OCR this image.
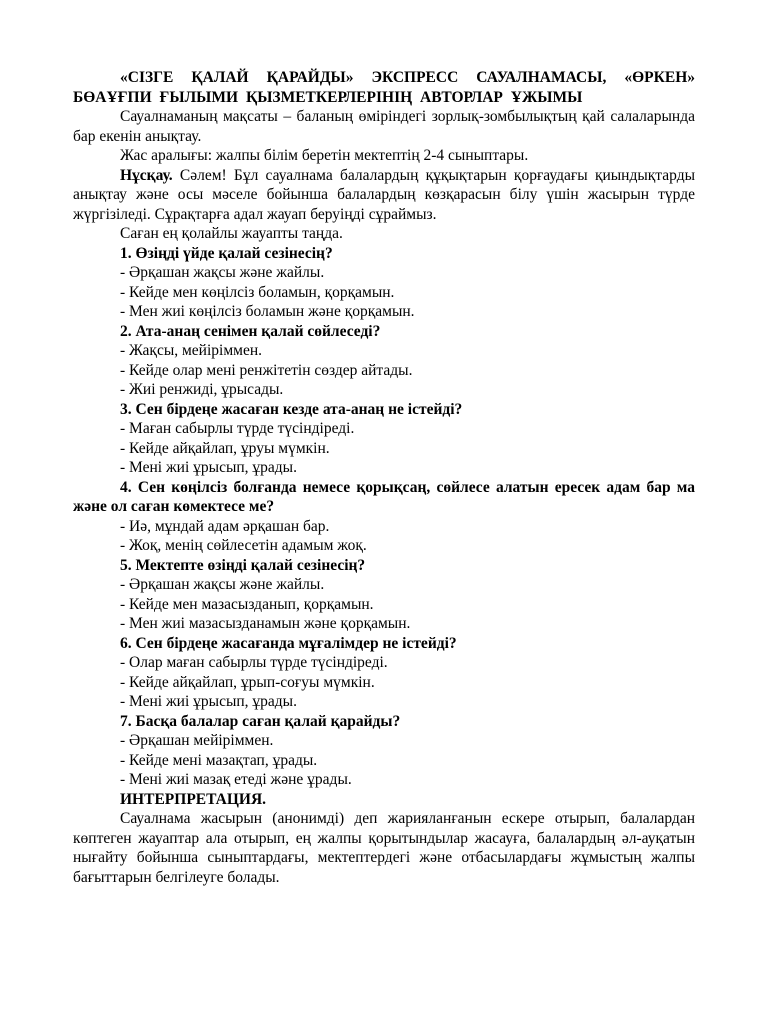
«СІЗГЕ ҚАЛАЙ ҚАРАЙДЫ» ЭКСПРЕСС САУАЛНАМАСЫ, «ӨРКЕН» БӨАҰҒПИ ҒЫЛЫМИ ҚЫЗМЕТКЕРЛЕРІНІҢ АВТОРЛАР ҰЖЫМЫ

Сауалнаманың мақсаты – баланың өміріндегі зорлық-зомбылықтың қай салаларында бар екенін анықтау.

Жас аралығы: жалпы білім беретін мектептің 2-4 сыныптары.

Нұсқау. Сәлем! Бұл сауалнама балалардың құқықтарын қорғаудағы қиындықтарды анықтау және осы мәселе бойынша балалардың көзқарасын білу үшін жасырын түрде жүргізіледі. Сұрақтарға адал жауап беруіңді сұраймыз.

Саған ең қолайлы жауапты таңда.

1. Өзіңді үйде қалай сезінесің?

- Әрқашан жақсы және жайлы.

- Кейде мен көңілсіз боламын, қорқамын.

- Мен жиі көңілсіз боламын және қорқамын.

2. Ата-анаң сенімен қалай сөйлеседі?

- Жақсы, мейіріммен.

- Кейде олар мені ренжітетін сөздер айтады.

- Жиі ренжиді, ұрысады.

3. Сен бірдеңе жасаған кезде ата-анаң не істейді?

- Маған сабырлы түрде түсіндіреді.

- Кейде айқайлап, ұруы мүмкін.

- Мені жиі ұрысып, ұрады.

4. Сен көңілсіз болғанда немесе қорықсаң, сөйлесе алатын ересек адам бар ма және ол саған көмектесе ме?

- Иә, мұндай адам әрқашан бар.

- Жоқ, менің сөйлесетін адамым жоқ.

5. Мектепте өзіңді қалай сезінесің?

- Әрқашан жақсы және жайлы.

- Кейде мен мазасызданып, қорқамын.

- Мен жиі мазасызданамын және қорқамын.

6. Сен бірдеңе жасағанда мұғалімдер не істейді?

- Олар маған сабырлы түрде түсіндіреді.

- Кейде айқайлап, ұрып-соғуы мүмкін.

- Мені жиі ұрысып, ұрады.

7. Басқа балалар саған қалай қарайды?

- Әрқашан мейіріммен.

- Кейде мені мазақтап, ұрады.

- Мені жиі мазақ етеді және ұрады.

ИНТЕРПРЕТАЦИЯ.

Сауалнама жасырын (анонимді) деп жарияланғанын ескере отырып, балалардан көптеген жауаптар ала отырып, ең жалпы қорытындылар жасауға, балалардың әл-ауқатын нығайту бойынша сыныптардағы, мектептердегі және отбасылардағы жұмыстың жалпы бағыттарын белгілеуге болады.
